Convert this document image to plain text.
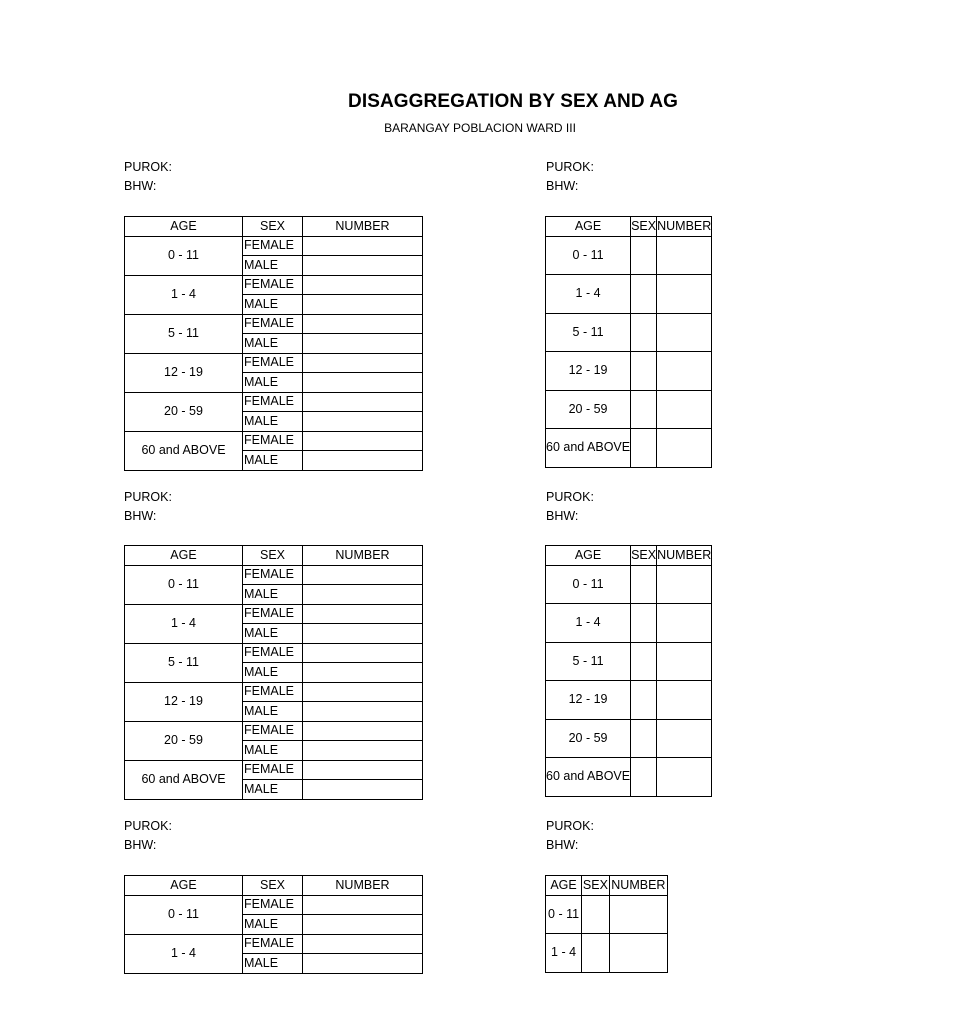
DISAGGREGATION BY SEX AND AG
BARANGAY POBLACION WARD III
PUROK:
BHW:
AGE	SEX	NUMBER
0 - 11	FEMALE	
	MALE	
1 - 4	FEMALE	
	MALE	
5 - 11	FEMALE	
	MALE	
12 - 19	FEMALE	
	MALE	
20 - 59	FEMALE	
	MALE	
60 and ABOVE	FEMALE	
	MALE	
PUROK:
BHW:
AGE	SEX	NUMBER
0 - 11		
1 - 4		
5 - 11		
12 - 19		
20 - 59		
60 and ABOVE		
PUROK:
BHW:
AGE	SEX	NUMBER
0 - 11	FEMALE	
	MALE	
1 - 4	FEMALE	
	MALE	
5 - 11	FEMALE	
	MALE	
12 - 19	FEMALE	
	MALE	
20 - 59	FEMALE	
	MALE	
60 and ABOVE	FEMALE	
	MALE	
PUROK:
BHW:
AGE	SEX	NUMBER
0 - 11		
1 - 4		
5 - 11		
12 - 19		
20 - 59		
60 and ABOVE		
PUROK:
BHW:
AGE	SEX	NUMBER
0 - 11	FEMALE	
	MALE	
1 - 4	FEMALE	
	MALE	
PUROK:
BHW:
AGE	SEX	NUMBER
0 - 11		
1 - 4		
